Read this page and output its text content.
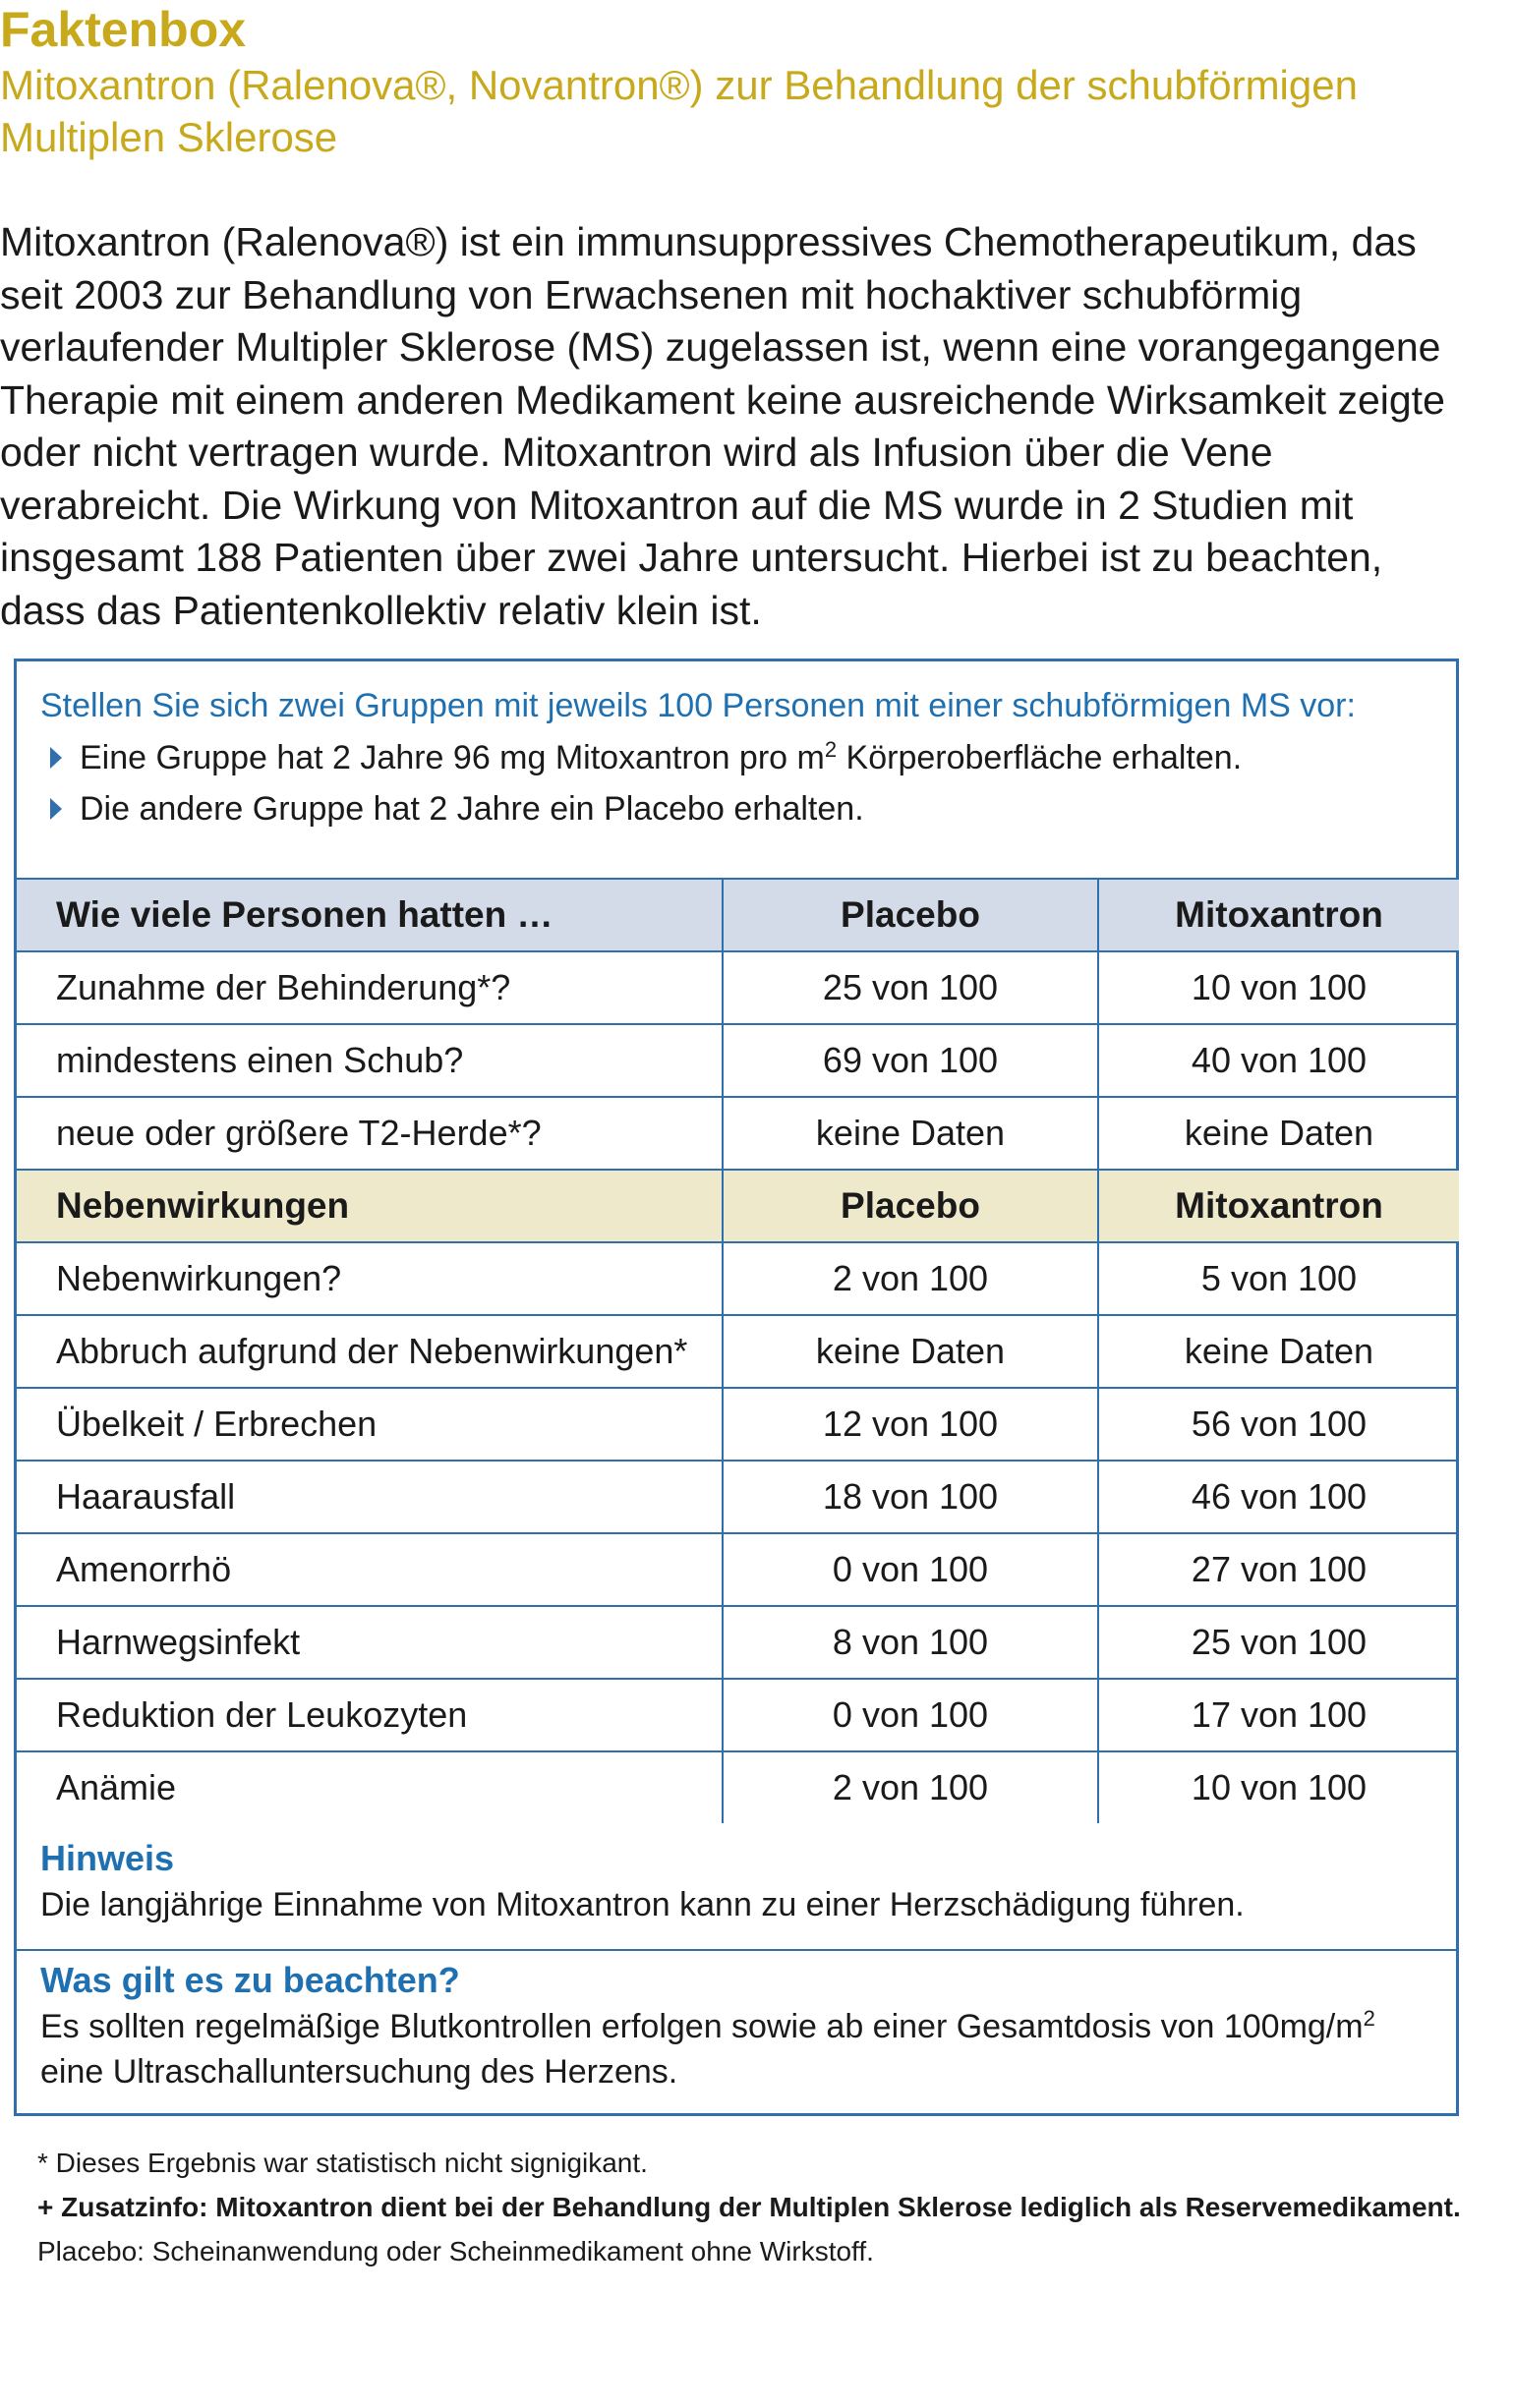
Faktenbox
Mitoxantron (Ralenova®, Novantron®) zur Behandlung der schubförmigen Multiplen Sklerose
Mitoxantron (Ralenova®) ist ein immunsuppressives Chemotherapeutikum, das seit 2003 zur Behandlung von Erwachsenen mit hochaktiver schubförmig verlaufender Multipler Sklerose (MS) zugelassen ist, wenn eine vorangegangene Therapie mit einem anderen Medikament keine ausreichende Wirksamkeit zeigte oder nicht vertragen wurde. Mitoxantron wird als Infusion über die Vene verabreicht. Die Wirkung von Mitoxantron auf die MS wurde in 2 Studien mit insgesamt 188 Patienten über zwei Jahre untersucht. Hierbei ist zu beachten, dass das Patientenkollektiv relativ klein ist.
Stellen Sie sich zwei Gruppen mit jeweils 100 Personen mit einer schubförmigen MS vor:
Eine Gruppe hat 2 Jahre 96 mg Mitoxantron pro $m^2$ Körperoberfläche erhalten.
Die andere Gruppe hat 2 Jahre ein Placebo erhalten.
Wie viele Personen hatten …	Placebo	Mitoxantron
Zunahme der Behinderung*?	25 von 100	10 von 100
mindestens einen Schub?	69 von 100	40 von 100
neue oder größere T2-Herde*?	keine Daten	keine Daten
Nebenwirkungen	Placebo	Mitoxantron
Nebenwirkungen?	2 von 100	5 von 100
Abbruch aufgrund der Nebenwirkungen*	keine Daten	keine Daten
Übelkeit / Erbrechen	12 von 100	56 von 100
Haarausfall	18 von 100	46 von 100
Amenorrhö	0 von 100	27 von 100
Harnwegsinfekt	8 von 100	25 von 100
Reduktion der Leukozyten	0 von 100	17 von 100
Anämie	2 von 100	10 von 100
Hinweis

Die langjährige Einnahme von Mitoxantron kann zu einer Herzschädigung führen.

Was gilt es zu beachten?

Es sollten regelmäßige Blutkontrollen erfolgen sowie ab einer Gesamtdosis von $100mg/m^2$ eine Ultraschalluntersuchung des Herzens.

* Dieses Ergebnis war statistisch nicht signigikant.
+ Zusatzinfo: Mitoxantron dient bei der Behandlung der Multiplen Sklerose lediglich als Reservemedikament.
Placebo: Scheinanwendung oder Scheinmedikament ohne Wirkstoff.
